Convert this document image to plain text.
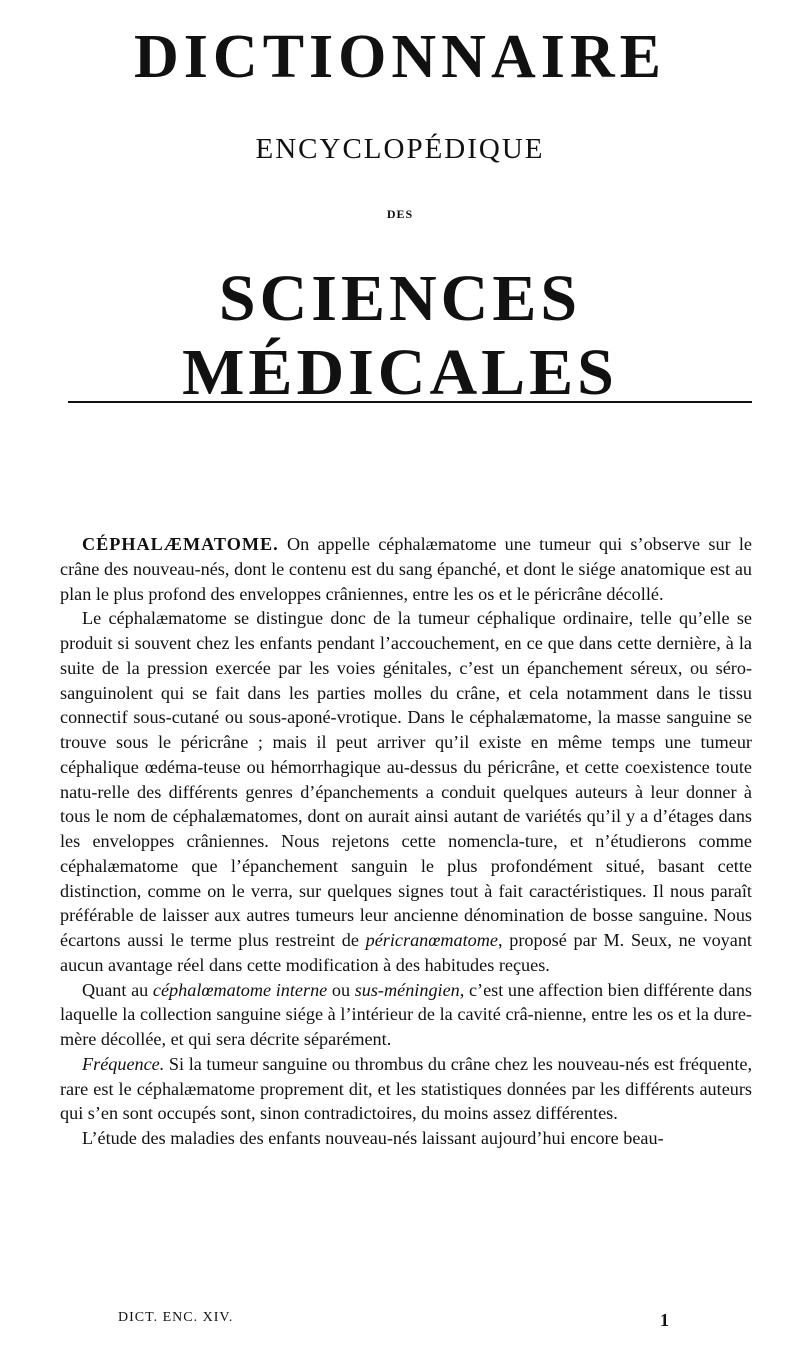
DICTIONNAIRE
ENCYCLOPÉDIQUE
DES
SCIENCES MÉDICALES

CÉPHALÆMATOME. On appelle céphalæmatome une tumeur qui s’observe sur le crâne des nouveau-nés, dont le contenu est du sang épanché, et dont le siége anatomique est au plan le plus profond des enveloppes crâniennes, entre les os et le péricrâne décollé.

Le céphalæmatome se distingue donc de la tumeur céphalique ordinaire, telle qu’elle se produit si souvent chez les enfants pendant l’accouchement, en ce que dans cette dernière, à la suite de la pression exercée par les voies génitales, c’est un épanchement séreux, ou séro-sanguinolent qui se fait dans les parties molles du crâne, et cela notamment dans le tissu connectif sous-cutané ou sous-aponé-vrotique. Dans le céphalæmatome, la masse sanguine se trouve sous le péricrâne ; mais il peut arriver qu’il existe en même temps une tumeur céphalique œdéma-teuse ou hémorrhagique au-dessus du péricrâne, et cette coexistence toute natu-relle des différents genres d’épanchements a conduit quelques auteurs à leur donner à tous le nom de céphalæmatomes, dont on aurait ainsi autant de variétés qu’il y a d’étages dans les enveloppes crâniennes. Nous rejetons cette nomencla-ture, et n’étudierons comme céphalæmatome que l’épanchement sanguin le plus profondément situé, basant cette distinction, comme on le verra, sur quelques signes tout à fait caractéristiques. Il nous paraît préférable de laisser aux autres tumeurs leur ancienne dénomination de bosse sanguine. Nous écartons aussi le terme plus restreint de péricranœmatome, proposé par M. Seux, ne voyant aucun avantage réel dans cette modification à des habitudes reçues.

Quant au céphalœmatome interne ou sus-méningien, c’est une affection bien différente dans laquelle la collection sanguine siége à l’intérieur de la cavité crâ-nienne, entre les os et la dure-mère décollée, et qui sera décrite séparément.

Fréquence. Si la tumeur sanguine ou thrombus du crâne chez les nouveau-nés est fréquente, rare est le céphalæmatome proprement dit, et les statistiques données par les différents auteurs qui s’en sont occupés sont, sinon contradictoires, du moins assez différentes.

L’étude des maladies des enfants nouveau-nés laissant aujourd’hui encore beau-

DICT. ENC. XIV.	1
